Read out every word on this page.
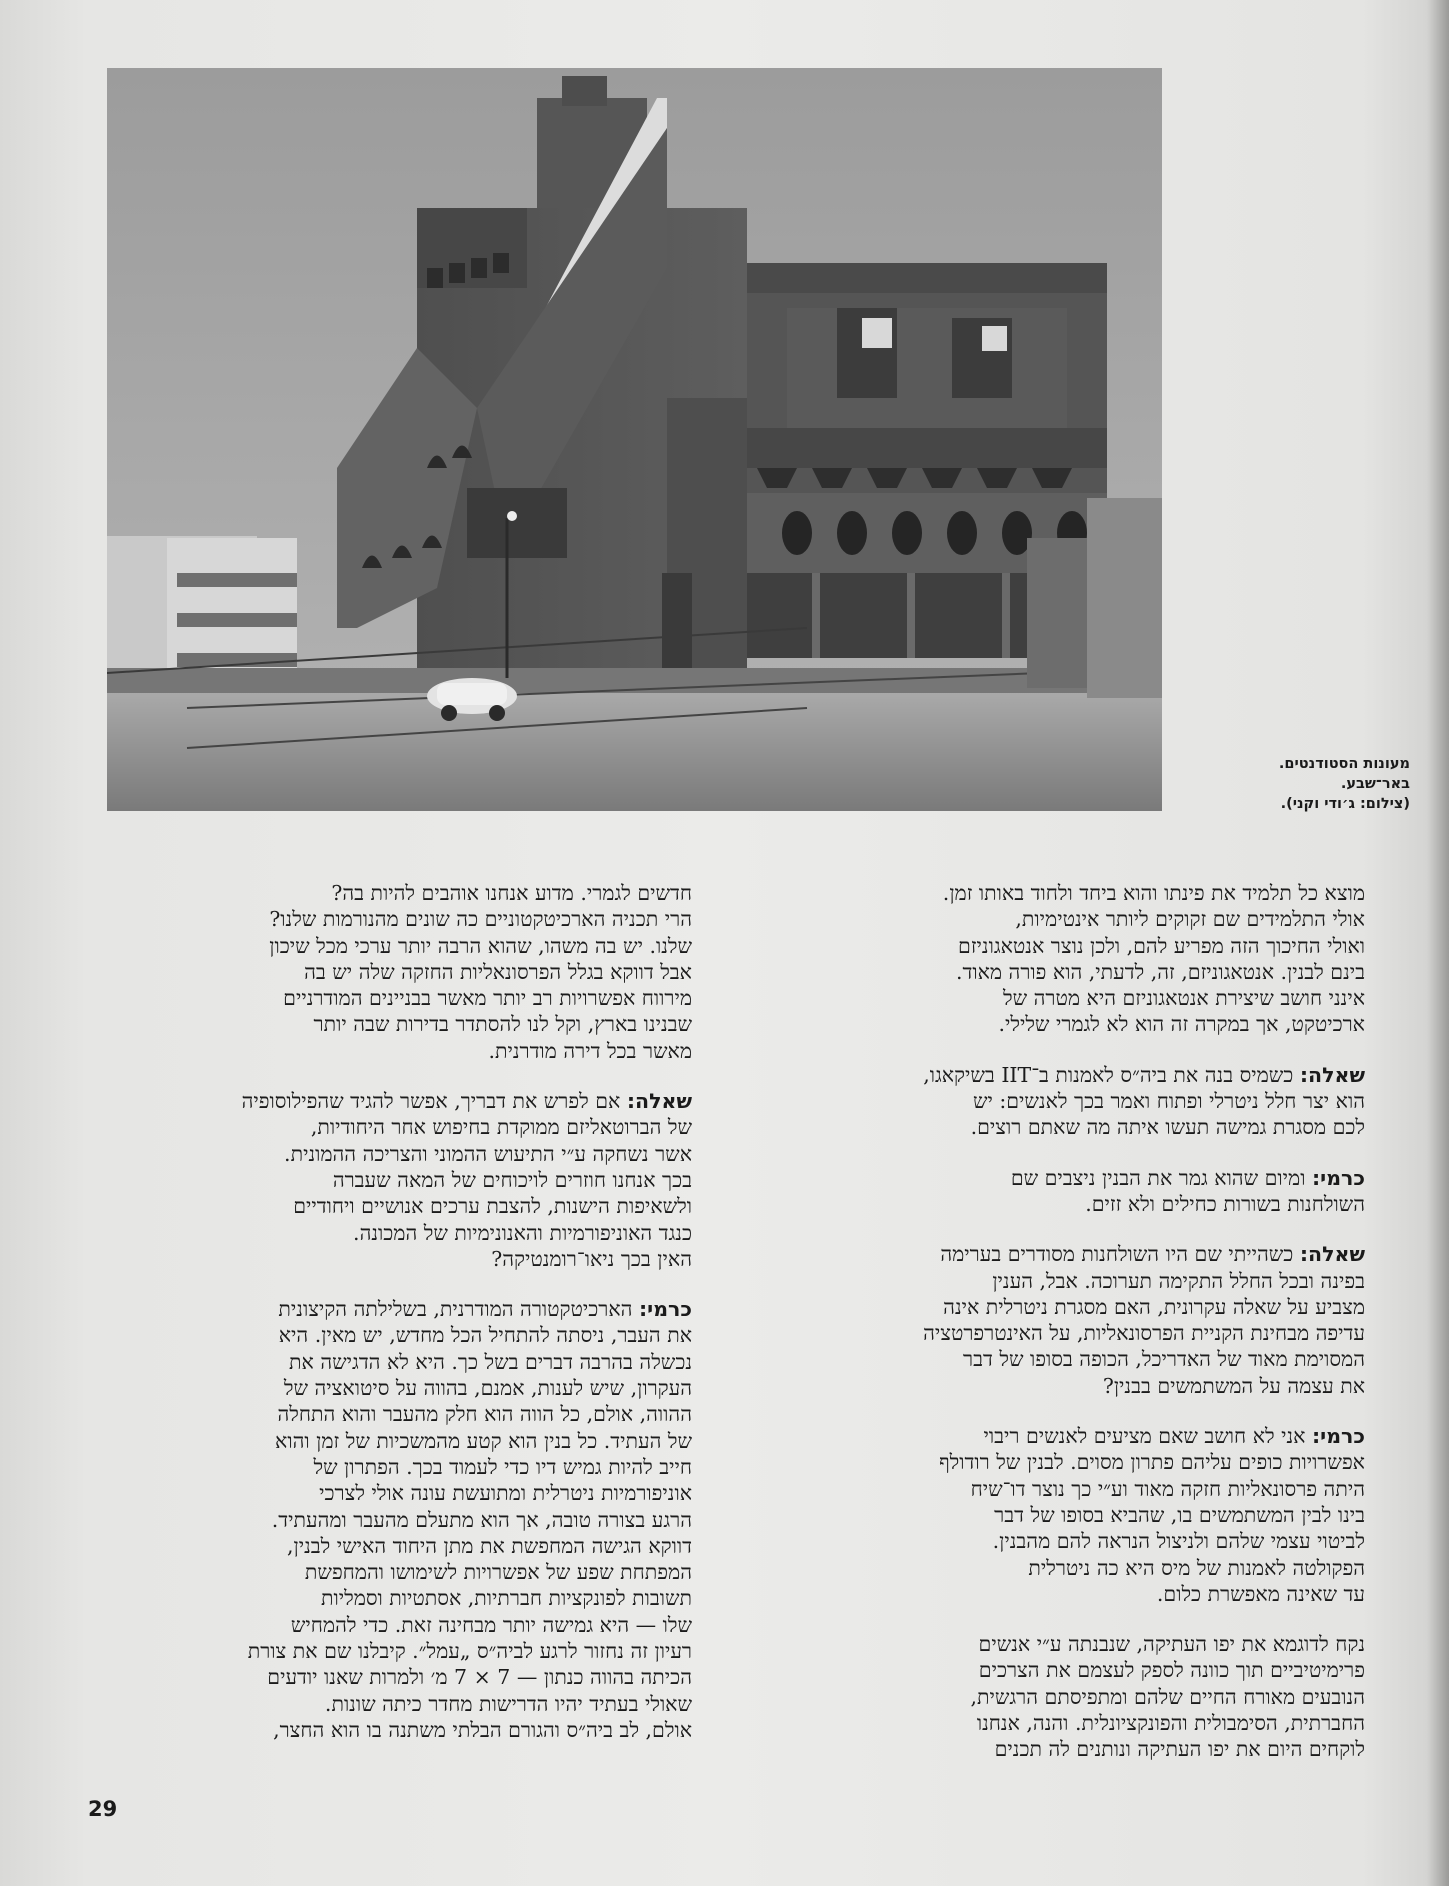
מעונות הסטודנטים.
באר־שבע.
(צילום: ג׳ודי וקני).
מוצא כל תלמיד את פינתו והוא ביחד ולחוד באותו זמן.
אולי התלמידים שם זקוקים ליותר אינטימיות,
ואולי החיכוך הזה מפריע להם, ולכן נוצר אנטאגוניזם
בינם לבנין. אנטאגוניזם, זה, לדעתי, הוא פורה מאוד.
אינני חושב שיצירת אנטאגוניזם היא מטרה של
ארכיטקט, אך במקרה זה הוא לא לגמרי שלילי.
שאלה: כשמיס בנה את ביה״ס לאמנות ב־IIT בשיקאגו,
הוא יצר חלל ניטרלי ופתוח ואמר בכך לאנשים: יש
לכם מסגרת גמישה תעשו איתה מה שאתם רוצים.
כרמי: ומיום שהוא גמר את הבנין ניצבים שם
השולחנות בשורות כחילים ולא זזים.
שאלה: כשהייתי שם היו השולחנות מסודרים בערימה
בפינה ובכל החלל התקימה תערוכה. אבל, הענין
מצביע על שאלה עקרונית, האם מסגרת ניטרלית אינה
עדיפה מבחינת הקניית הפרסונאליות, על האינטרפרטציה
המסוימת מאוד של האדריכל, הכופה בסופו של דבר
את עצמה על המשתמשים בבנין?
כרמי: אני לא חושב שאם מציעים לאנשים ריבוי
אפשרויות כופים עליהם פתרון מסוים. לבנין של רודולף
היתה פרסונאליות חזקה מאוד וע״י כך נוצר דו־שיח
בינו לבין המשתמשים בו, שהביא בסופו של דבר
לביטוי עצמי שלהם ולניצול הנראה להם מהבנין.
הפקולטה לאמנות של מיס היא כה ניטרלית
עד שאינה מאפשרת כלום.
נקח לדוגמא את יפו העתיקה, שנבנתה ע״י אנשים
פרימיטיביים תוך כוונה לספק לעצמם את הצרכים
הנובעים מאורח החיים שלהם ומתפיסתם הרגשית,
החברתית, הסימבולית והפונקציונלית. והנה, אנחנו
לוקחים היום את יפו העתיקה ונותנים לה תכנים
חדשים לגמרי. מדוע אנחנו אוהבים להיות בה?
הרי תכניה הארכיטקטוניים כה שונים מהנורמות שלנו?
שלנו. יש בה משהו, שהוא הרבה יותר ערכי מכל שיכון
אבל דווקא בגלל הפרסונאליות החזקה שלה יש בה
מירווח אפשרויות רב יותר מאשר בבניינים המודרניים
שבנינו בארץ, וקל לנו להסתדר בדירות שבה יותר
מאשר בכל דירה מודרנית.
שאלה: אם לפרש את דבריך, אפשר להגיד שהפילוסופיה
של הברוטאליזם ממוקדת בחיפוש אחר היחודיות,
אשר נשחקה ע״י התיעוש ההמוני והצריכה ההמונית.
בכך אנחנו חוזרים לויכוחים של המאה שעברה
ולשאיפות הישנות, להצבת ערכים אנושיים ויחודיים
כנגד האוניפורמיות והאנונימיות של המכונה.
האין בכך ניאו־רומנטיקה?
כרמי: הארכיטקטורה המודרנית, בשלילתה הקיצונית
את העבר, ניסתה להתחיל הכל מחדש, יש מאין. היא
נכשלה בהרבה דברים בשל כך. היא לא הדגישה את
העקרון, שיש לענות, אמנם, בהווה על סיטואציה של
ההווה, אולם, כל הווה הוא חלק מהעבר והוא התחלה
של העתיד. כל בנין הוא קטע מהמשכיות של זמן והוא
חייב להיות גמיש דיו כדי לעמוד בכך. הפתרון של
אוניפורמיות ניטרלית ומתועשת עונה אולי לצרכי
הרגע בצורה טובה, אך הוא מתעלם מהעבר ומהעתיד.
דווקא הגישה המחפשת את מתן היחוד האישי לבנין,
המפתחת שפע של אפשרויות לשימושו והמחפשת
תשובות לפונקציות חברתיות, אסתטיות וסמליות
שלו — היא גמישה יותר מבחינה זאת. כדי להמחיש
רעיון זה נחזור לרגע לביה״ס „עמל״. קיבלנו שם את צורת
הכיתה בהווה כנתון — 7 × 7 מ׳ ולמרות שאנו יודעים
שאולי בעתיד יהיו הדרישות מחדר כיתה שונות.
אולם, לב ביה״ס והגורם הבלתי משתנה בו הוא החצר,
29
